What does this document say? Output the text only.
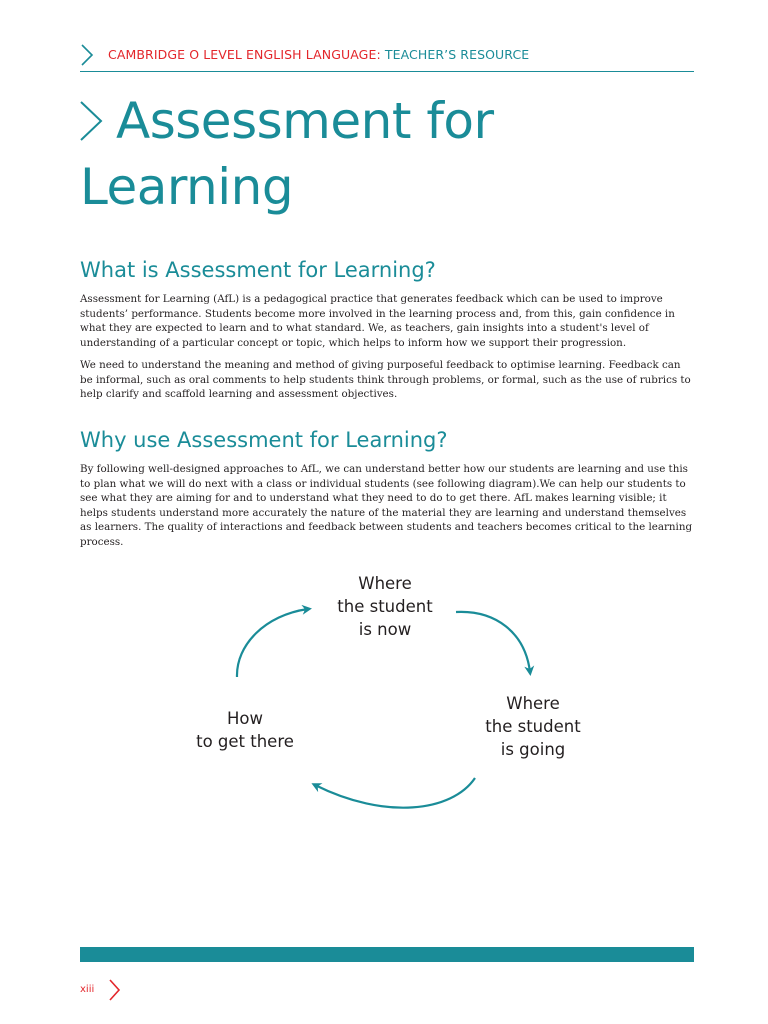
CAMBRIDGE O LEVEL ENGLISH LANGUAGE: TEACHER’S RESOURCE
Assessment for Learning
What is Assessment for Learning?

Assessment for Learning (AfL) is a pedagogical practice that generates feedback which can be used to improve students’ performance. Students become more involved in the learning process and, from this, gain confidence in what they are expected to learn and to what standard. We, as teachers, gain insights into a student's level of understanding of a particular concept or topic, which helps to inform how we support their progression.

We need to understand the meaning and method of giving purposeful feedback to optimise learning. Feedback can be informal, such as oral comments to help students think through problems, or formal, such as the use of rubrics to help clarify and scaffold learning and assessment objectives.

Why use Assessment for Learning?

By following well-designed approaches to AfL, we can understand better how our students are learning and use this to plan what we will do next with a class or individual students (see following diagram).We can help our students to see what they are aiming for and to understand what they need to do to get there. AfL makes learning visible; it helps students understand more accurately the nature of the material they are learning and understand themselves as learners. The quality of interactions and feedback between students and teachers becomes critical to the learning process.

Where
the student
is now
Where
the student
is going
How
to get there
xiii
